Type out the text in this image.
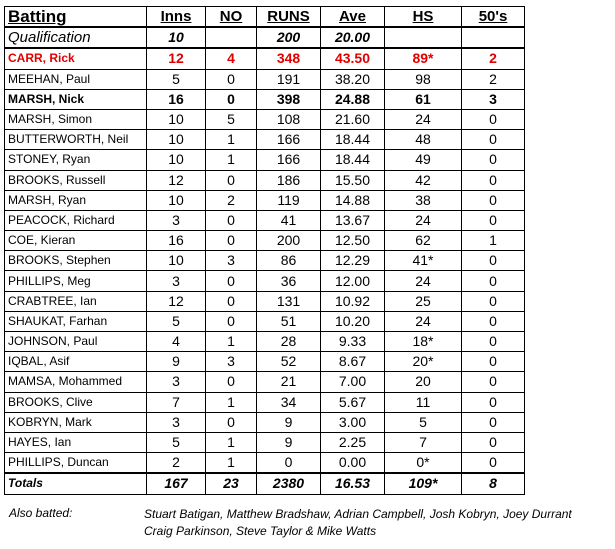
Batting	Inns	NO	RUNS	Ave	HS	50's
Qualification	10		200	20.00		
CARR, Rick	12	4	348	43.50	89*	2
MEEHAN, Paul	5	0	191	38.20	98	2
MARSH, Nick	16	0	398	24.88	61	3
MARSH, Simon	10	5	108	21.60	24	0
BUTTERWORTH, Neil	10	1	166	18.44	48	0
STONEY, Ryan	10	1	166	18.44	49	0
BROOKS, Russell	12	0	186	15.50	42	0
MARSH, Ryan	10	2	119	14.88	38	0
PEACOCK, Richard	3	0	41	13.67	24	0
COE, Kieran	16	0	200	12.50	62	1
BROOKS, Stephen	10	3	86	12.29	41*	0
PHILLIPS, Meg	3	0	36	12.00	24	0
CRABTREE, Ian	12	0	131	10.92	25	0
SHAUKAT, Farhan	5	0	51	10.20	24	0
JOHNSON, Paul	4	1	28	9.33	18*	0
IQBAL, Asif	9	3	52	8.67	20*	0
MAMSA, Mohammed	3	0	21	7.00	20	0
BROOKS, Clive	7	1	34	5.67	11	0
KOBRYN, Mark	3	0	9	3.00	5	0
HAYES, Ian	5	1	9	2.25	7	0
PHILLIPS, Duncan	2	1	0	0.00	0*	0
Totals	167	23	2380	16.53	109*	8
Also batted:	Stuart Batigan, Matthew Bradshaw, Adrian Campbell, Josh Kobryn, Joey Durrant
Craig Parkinson, Steve Taylor & Mike Watts
